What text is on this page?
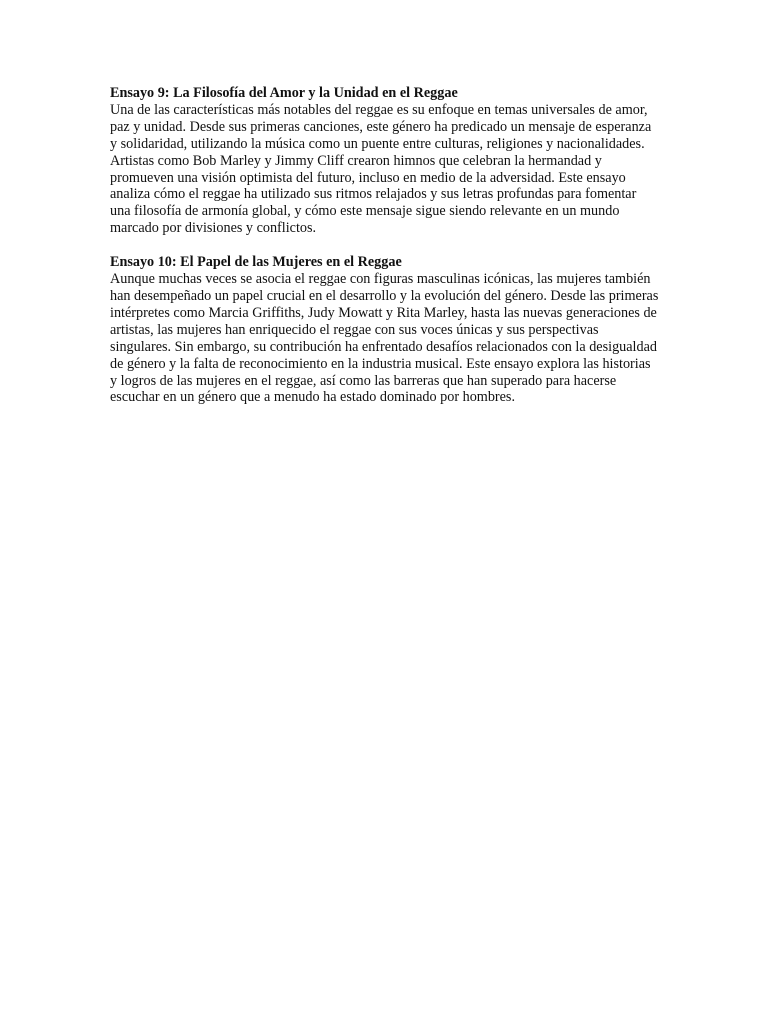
Ensayo 9: La Filosofía del Amor y la Unidad en el Reggae

Una de las características más notables del reggae es su enfoque en temas universales de amor, paz y unidad. Desde sus primeras canciones, este género ha predicado un mensaje de esperanza y solidaridad, utilizando la música como un puente entre culturas, religiones y nacionalidades. Artistas como Bob Marley y Jimmy Cliff crearon himnos que celebran la hermandad y promueven una visión optimista del futuro, incluso en medio de la adversidad. Este ensayo analiza cómo el reggae ha utilizado sus ritmos relajados y sus letras profundas para fomentar una filosofía de armonía global, y cómo este mensaje sigue siendo relevante en un mundo marcado por divisiones y conflictos.

Ensayo 10: El Papel de las Mujeres en el Reggae

Aunque muchas veces se asocia el reggae con figuras masculinas icónicas, las mujeres también han desempeñado un papel crucial en el desarrollo y la evolución del género. Desde las primeras intérpretes como Marcia Griffiths, Judy Mowatt y Rita Marley, hasta las nuevas generaciones de artistas, las mujeres han enriquecido el reggae con sus voces únicas y sus perspectivas singulares. Sin embargo, su contribución ha enfrentado desafíos relacionados con la desigualdad de género y la falta de reconocimiento en la industria musical. Este ensayo explora las historias y logros de las mujeres en el reggae, así como las barreras que han superado para hacerse escuchar en un género que a menudo ha estado dominado por hombres.
